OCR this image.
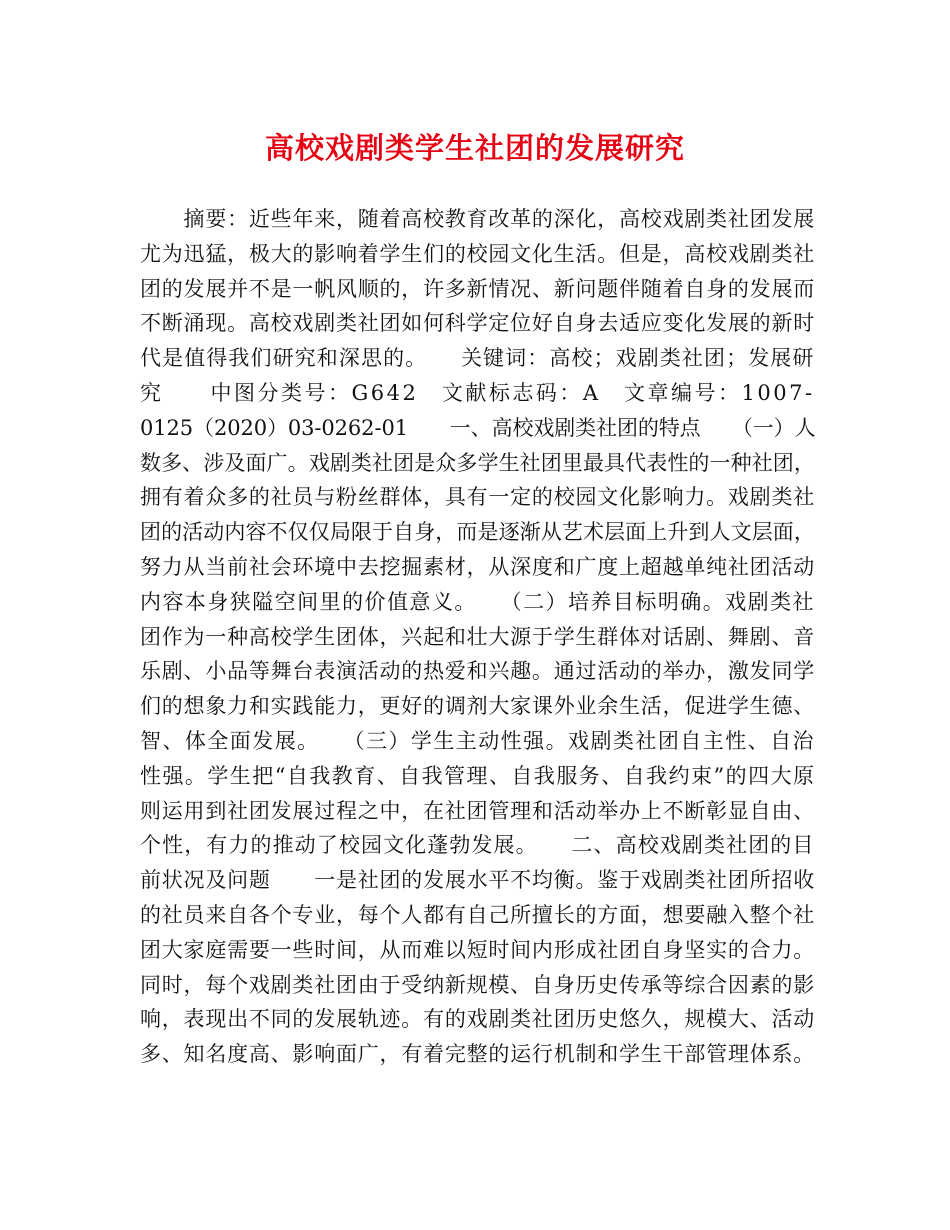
高校戏剧类学生社团的发展研究
　　摘要：近些年来，随着高校教育改革的深化，高校戏剧类社团发展
尤为迅猛，极大的影响着学生们的校园文化生活。但是，高校戏剧类社
团的发展并不是一帆风顺的，许多新情况、新问题伴随着自身的发展而
不断涌现。高校戏剧类社团如何科学定位好自身去适应变化发展的新时
代是值得我们研究和深思的。　　关键词：高校；戏剧类社团；发展研
究　　中图分类号：G642　文献标志码：A　文章编号：1007-
0125（2020）03-0262-01　　一、高校戏剧类社团的特点　　（一）人
数多、涉及面广。戏剧类社团是众多学生社团里最具代表性的一种社团，
拥有着众多的社员与粉丝群体，具有一定的校园文化影响力。戏剧类社
团的活动内容不仅仅局限于自身，而是逐渐从艺术层面上升到人文层面，
努力从当前社会环境中去挖掘素材，从深度和广度上超越单纯社团活动
内容本身狭隘空间里的价值意义。　　（二）培养目标明确。戏剧类社
团作为一种高校学生团体，兴起和壮大源于学生群体对话剧、舞剧、音
乐剧、小品等舞台表演活动的热爱和兴趣。通过活动的举办，激发同学
们的想象力和实践能力，更好的调剂大家课外业余生活，促进学生德、
智、体全面发展。　　（三）学生主动性强。戏剧类社团自主性、自治
性强。学生把“自我教育、自我管理、自我服务、自我约束”的四大原
则运用到社团发展过程之中，在社团管理和活动举办上不断彰显自由、
个性，有力的推动了校园文化蓬勃发展。　　二、高校戏剧类社团的目
前状况及问题　　一是社团的发展水平不均衡。鉴于戏剧类社团所招收
的社员来自各个专业，每个人都有自己所擅长的方面，想要融入整个社
团大家庭需要一些时间，从而难以短时间内形成社团自身坚实的合力。
同时，每个戏剧类社团由于受纳新规模、自身历史传承等综合因素的影
响，表现出不同的发展轨迹。有的戏剧类社团历史悠久，规模大、活动
多、知名度高、影响面广，有着完整的运行机制和学生干部管理体系。
